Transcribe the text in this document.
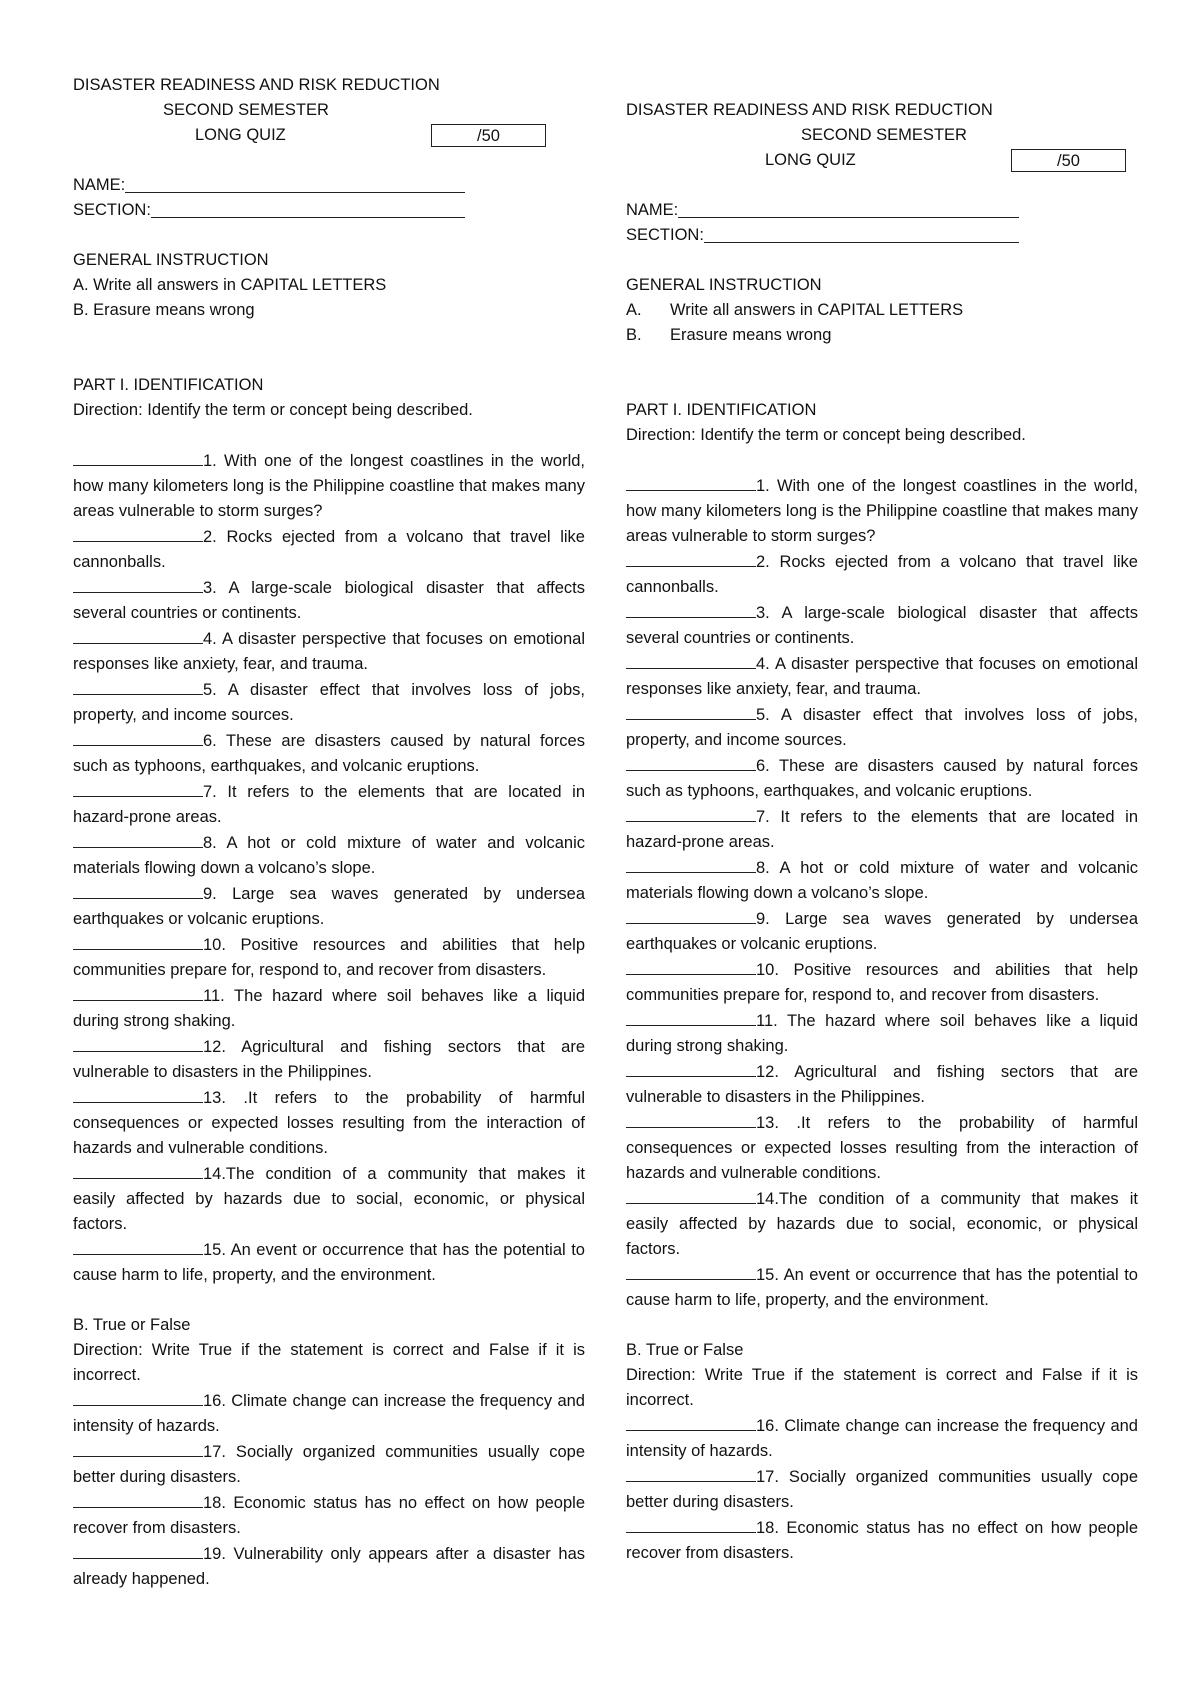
DISASTER READINESS AND RISK REDUCTION
SECOND SEMESTER
LONG QUIZ	/50
NAME:
SECTION:

GENERAL INSTRUCTION

A. Write all answers in CAPITAL LETTERS

B. Erasure means wrong

PART I. IDENTIFICATION

Direction: Identify the term or concept being described.

1. With one of the longest coastlines in the world, how many kilometers long is the Philippine coastline that makes many areas vulnerable to storm surges?

2. Rocks ejected from a volcano that travel like cannonballs.

3. A large-scale biological disaster that affects several countries or continents.

4. A disaster perspective that focuses on emotional responses like anxiety, fear, and trauma.

5. A disaster effect that involves loss of jobs, property, and income sources.

6. These are disasters caused by natural forces such as typhoons, earthquakes, and volcanic eruptions.

7. It refers to the elements that are located in hazard-prone areas.

8. A hot or cold mixture of water and volcanic materials flowing down a volcano’s slope.

9. Large sea waves generated by undersea earthquakes or volcanic eruptions.

10. Positive resources and abilities that help communities prepare for, respond to, and recover from disasters.

11. The hazard where soil behaves like a liquid during strong shaking.

12. Agricultural and fishing sectors that are vulnerable to disasters in the Philippines.

13. .It refers to the probability of harmful consequences or expected losses resulting from the interaction of hazards and vulnerable conditions.

14.The condition of a community that makes it easily affected by hazards due to social, economic, or physical factors.

15. An event or occurrence that has the potential to cause harm to life, property, and the environment.

B. True or False

Direction: Write True if the statement is correct and False if it is incorrect.

16. Climate change can increase the frequency and intensity of hazards.

17. Socially organized communities usually cope better during disasters.

18. Economic status has no effect on how people recover from disasters.

19. Vulnerability only appears after a disaster has already happened.

DISASTER READINESS AND RISK REDUCTION
SECOND SEMESTER
LONG QUIZ	/50
NAME:
SECTION:

GENERAL INSTRUCTION

A.	Write all answers in CAPITAL LETTERS
B.	Erasure means wrong

PART I. IDENTIFICATION

Direction: Identify the term or concept being described.

1. With one of the longest coastlines in the world, how many kilometers long is the Philippine coastline that makes many areas vulnerable to storm surges?

2. Rocks ejected from a volcano that travel like cannonballs.

3. A large-scale biological disaster that affects several countries or continents.

4. A disaster perspective that focuses on emotional responses like anxiety, fear, and trauma.

5. A disaster effect that involves loss of jobs, property, and income sources.

6. These are disasters caused by natural forces such as typhoons, earthquakes, and volcanic eruptions.

7. It refers to the elements that are located in hazard-prone areas.

8. A hot or cold mixture of water and volcanic materials flowing down a volcano’s slope.

9. Large sea waves generated by undersea earthquakes or volcanic eruptions.

10. Positive resources and abilities that help communities prepare for, respond to, and recover from disasters.

11. The hazard where soil behaves like a liquid during strong shaking.

12. Agricultural and fishing sectors that are vulnerable to disasters in the Philippines.

13. .It refers to the probability of harmful consequences or expected losses resulting from the interaction of hazards and vulnerable conditions.

14.The condition of a community that makes it easily affected by hazards due to social, economic, or physical factors.

15. An event or occurrence that has the potential to cause harm to life, property, and the environment.

B. True or False

Direction: Write True if the statement is correct and False if it is incorrect.

16. Climate change can increase the frequency and intensity of hazards.

17. Socially organized communities usually cope better during disasters.

18. Economic status has no effect on how people recover from disasters.
